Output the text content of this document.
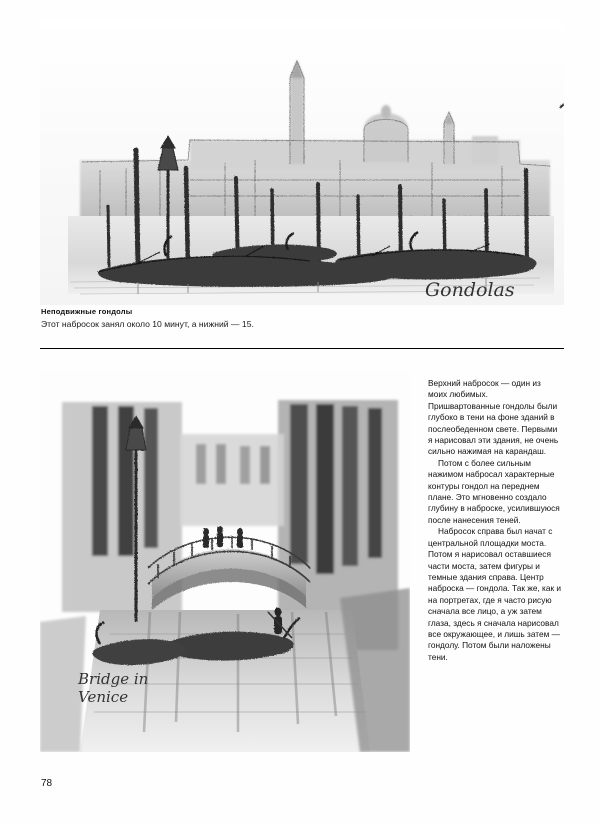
Gondolas

Неподвижные гондолы

Этот набросок занял около 10 минут, а нижний — 15.

Bridge in
Venice

Верхний набросок — один из моих любимых. Пришвартованные гондолы были глубоко в тени на фоне зданий в послеобеденном свете. Первыми я нарисовал эти здания, не очень сильно нажимая на карандаш.

Потом с более сильным нажимом набросал характерные контуры гондол на переднем плане. Это мгновенно создало глубину в наброске, усилившуюся после нанесения теней.

Набросок справа был начат с центральной площадки моста. Потом я нарисовал оставшиеся части моста, затем фигуры и темные здания справа. Центр наброска — гондола. Так же, как и на портретах, где я часто рисую сначала все лицо, а уж затем глаза, здесь я сначала нарисовал все окружающее, и лишь затем — гондолу. Потом были наложены тени.

78
